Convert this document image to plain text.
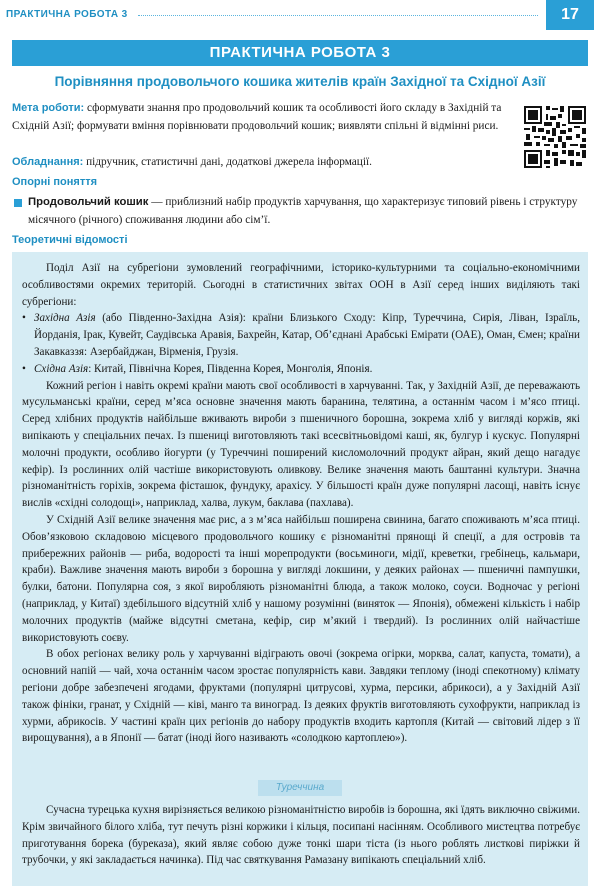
ПРАКТИЧНА РОБОТА 3	17
ПРАКТИЧНА РОБОТА 3
Порівняння продовольчого кошика жителів країн Західної та Східної Азії
Мета роботи: сформувати знання про продовольчий кошик та особливості його складу в Західній та Східній Азії; формувати вміння порівнювати продовольчий кошик; виявляти спільні й відмінні риси.
Обладнання: підручник, статистичні дані, додаткові джерела інформації.
Опорні поняття
Продовольчий кошик — приблизний набір продуктів харчування, що характеризує типовий рівень і структуру місячного (річного) споживання людини або сім’ї.
Теоретичні відомості

Поділ Азії на субрегіони зумовлений географічними, історико-культурними та соціально-економічними особливостями окремих територій. Сьогодні в статистичних звітах ООН в Азії серед інших виділяють такі субрегіони:

• Західна Азія (або Південно-Західна Азія): країни Близького Сходу: Кіпр, Туреччина, Сирія, Ліван, Ізраїль, Йорданія, Ірак, Кувейт, Саудівська Аравія, Бахрейн, Катар, Об’єднані Арабські Емірати (ОАЕ), Оман, Ємен; країни Закавказзя: Азербайджан, Вірменія, Грузія.

• Східна Азія: Китай, Північна Корея, Південна Корея, Монголія, Японія.

Кожний регіон і навіть окремі країни мають свої особливості в харчуванні. Так, у Західній Азії, де переважають мусульманські країни, серед м’яса основне значення мають баранина, телятина, а останнім часом і м’ясо птиці. Серед хлібних продуктів найбільше вживають вироби з пшеничного борошна, зокрема хліб у вигляді коржів, які випікають у спеціальних печах. Із пшениці виготовляють такі всесвітньовідомі каші, як, булгур і кускус. Популярні молочні продукти, особливо йогурти (у Туреччині поширений кисломолочний продукт айран, який дещо нагадує кефір). Із рослинних олій частіше використовують оливкову. Велике значення мають баштанні культури. Значна різноманітність горіхів, зокрема фісташок, фундуку, арахісу. У більшості країн дуже популярні ласощі, навіть існує вислів «східні солодощі», наприклад, халва, лукум, баклава (пахлава).

У Східній Азії велике значення має рис, а з м’яса найбільш поширена свинина, багато споживають м’яса птиці. Обов’язковою складовою місцевого продовольчого кошику є різноманітні прянощі й спеції, а для островів та прибережних районів — риба, водорості та інші морепродукти (восьминоги, мідії, креветки, гребінець, кальмари, краби). Важливе значення мають вироби з борошна у вигляді локшини, у деяких районах — пшеничні пампушки, булки, батони. Популярна соя, з якої виробляють різноманітні блюда, а також молоко, соуси. Водночас у регіоні (наприклад, у Китаї) здебільшого відсутній хліб у нашому розумінні (виняток — Японія), обмежені кількість і набір молочних продуктів (майже відсутні сметана, кефір, сир м’який і твердий). Із рослинних олій найчастіше використовують соєву.

В обох регіонах велику роль у харчуванні відіграють овочі (зокрема огірки, морква, салат, капуста, томати), а основний напій — чай, хоча останнім часом зростає популярність кави. Завдяки теплому (іноді спекотному) клімату регіони добре забезпечені ягодами, фруктами (популярні цитрусові, хурма, персики, абрикоси), а у Західній Азії також фініки, гранат, у Східній — ківі, манго та виноград. Із деяких фруктів виготовляють сухофрукти, наприклад із хурми, абрикосів. У частині країн цих регіонів до набору продуктів входить картопля (Китай — світовий лідер з її вирощування), а в Японії — батат (іноді його називають «солодкою картоплею»).

Туреччина
Сучасна турецька кухня вирізняється великою різноманітністю виробів із борошна, які їдять виключно свіжими. Крім звичайного білого хліба, тут печуть різні коржики і кільця, посипані насінням. Особливого мистецтва потребує приготування борека (буреказа), який являє собою дуже тонкі шари тіста (із нього роблять листкові пиріжки й трубочки, у які закладається начинка). Під час святкування Рамазану випікають спеціальний хліб.
